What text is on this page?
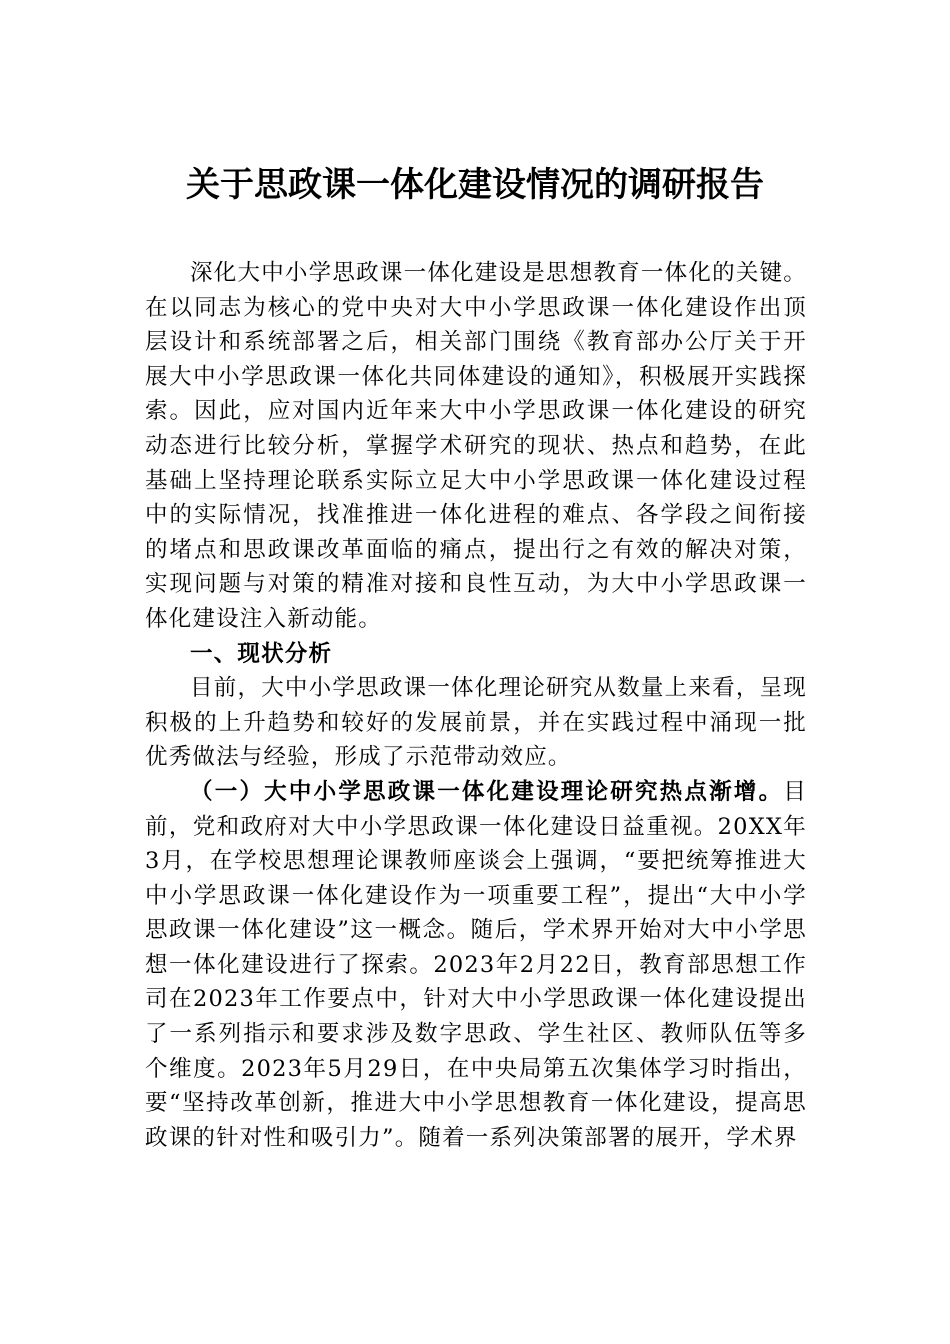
关于思政课一体化建设情况的调研报告

深化大中小学思政课一体化建设是思想教育一体化的关键。在以同志为核心的党中央对大中小学思政课一体化建设作出顶层设计和系统部署之后，相关部门围绕《教育部办公厅关于开展大中小学思政课一体化共同体建设的通知》，积极展开实践探索。因此，应对国内近年来大中小学思政课一体化建设的研究动态进行比较分析，掌握学术研究的现状、热点和趋势，在此基础上坚持理论联系实际立足大中小学思政课一体化建设过程中的实际情况，找准推进一体化进程的难点、各学段之间衔接的堵点和思政课改革面临的痛点，提出行之有效的解决对策，实现问题与对策的精准对接和良性互动，为大中小学思政课一体化建设注入新动能。

一、现状分析

目前，大中小学思政课一体化理论研究从数量上来看，呈现积极的上升趋势和较好的发展前景，并在实践过程中涌现一批优秀做法与经验，形成了示范带动效应。

（一）大中小学思政课一体化建设理论研究热点渐增。目前，党和政府对大中小学思政课一体化建设日益重视。20XX年3月，在学校思想理论课教师座谈会上强调，“要把统筹推进大中小学思政课一体化建设作为一项重要工程”，提出“大中小学思政课一体化建设”这一概念。随后，学术界开始对大中小学思想一体化建设进行了探索。2023年2月22日，教育部思想工作司在2023年工作要点中，针对大中小学思政课一体化建设提出了一系列指示和要求涉及数字思政、学生社区、教师队伍等多个维度。2023年5月29日，在中央局第五次集体学习时指出，要“坚持改革创新，推进大中小学思想教育一体化建设，提高思政课的针对性和吸引力”。随着一系列决策部署的展开，学术界
